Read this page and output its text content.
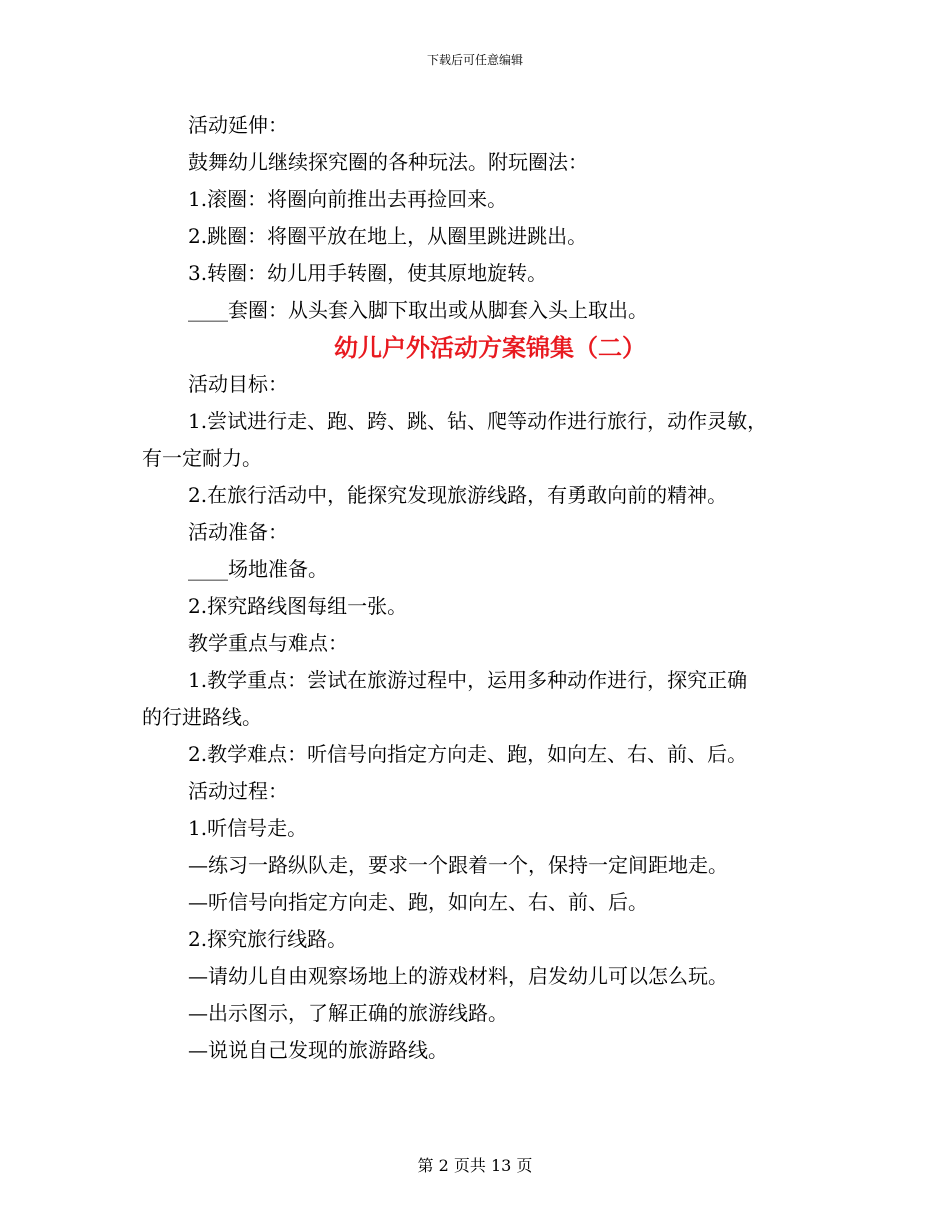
下载后可任意编辑

活动延伸：

鼓舞幼儿继续探究圈的各种玩法。附玩圈法：

1.滚圈：将圈向前推出去再捡回来。

2.跳圈：将圈平放在地上，从圈里跳进跳出。

3.转圈：幼儿用手转圈，使其原地旋转。

____套圈：从头套入脚下取出或从脚套入头上取出。

幼儿户外活动方案锦集（二）

活动目标：

1.尝试进行走、跑、跨、跳、钻、爬等动作进行旅行，动作灵敏，

有一定耐力。

2.在旅行活动中，能探究发现旅游线路，有勇敢向前的精神。

活动准备：

____场地准备。

2.探究路线图每组一张。

教学重点与难点：

1.教学重点：尝试在旅游过程中，运用多种动作进行，探究正确

的行进路线。

2.教学难点：听信号向指定方向走、跑，如向左、右、前、后。

活动过程：

1.听信号走。

—练习一路纵队走，要求一个跟着一个，保持一定间距地走。

—听信号向指定方向走、跑，如向左、右、前、后。

2.探究旅行线路。

—请幼儿自由观察场地上的游戏材料，启发幼儿可以怎么玩。

—出示图示，了解正确的旅游线路。

—说说自己发现的旅游路线。

第 2 页共 13 页
